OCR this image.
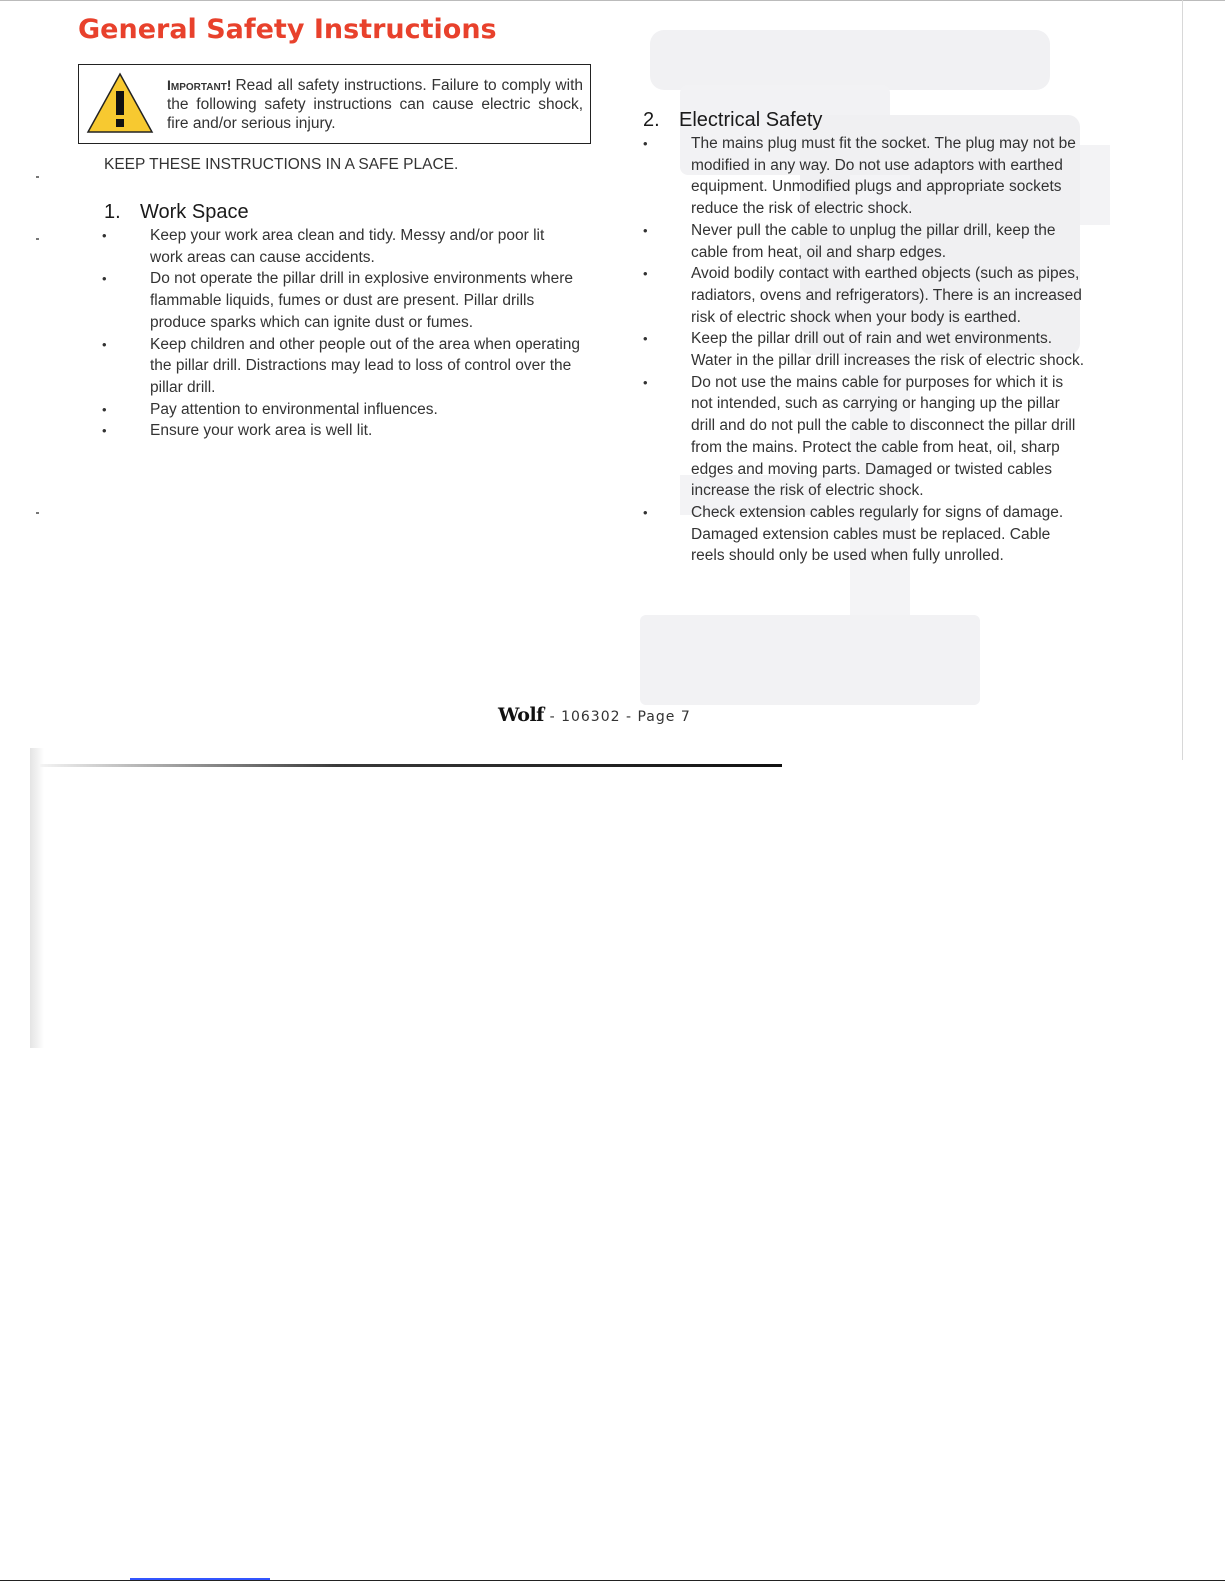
General Safety Instructions
Important! Read all safety instructions. Failure to comply with the following safety instructions can cause electric shock, fire and/or serious injury.
KEEP THESE INSTRUCTIONS IN A SAFE PLACE.
1. Work Space
• Keep your work area clean and tidy. Messy and/or poor lit work areas can cause accidents.
• Do not operate the pillar drill in explosive environments where flammable liquids, fumes or dust are present. Pillar drills produce sparks which can ignite dust or fumes.
• Keep children and other people out of the area when operating the pillar drill. Distractions may lead to loss of control over the pillar drill.
• Pay attention to environmental influences.
• Ensure your work area is well lit.
2. Electrical Safety
• The mains plug must fit the socket. The plug may not be modified in any way. Do not use adaptors with earthed equipment. Unmodified plugs and appropriate sockets reduce the risk of electric shock.
• Never pull the cable to unplug the pillar drill, keep the cable from heat, oil and sharp edges.
• Avoid bodily contact with earthed objects (such as pipes, radiators, ovens and refrigerators). There is an increased risk of electric shock when your body is earthed.
• Keep the pillar drill out of rain and wet environments. Water in the pillar drill increases the risk of electric shock.
• Do not use the mains cable for purposes for which it is not intended, such as carrying or hanging up the pillar drill and do not pull the cable to disconnect the pillar drill from the mains. Protect the cable from heat, oil, sharp edges and moving parts. Damaged or twisted cables increase the risk of electric shock.
• Check extension cables regularly for signs of damage. Damaged extension cables must be replaced. Cable reels should only be used when fully unrolled.
Wolf' - 106302 - Page 7
